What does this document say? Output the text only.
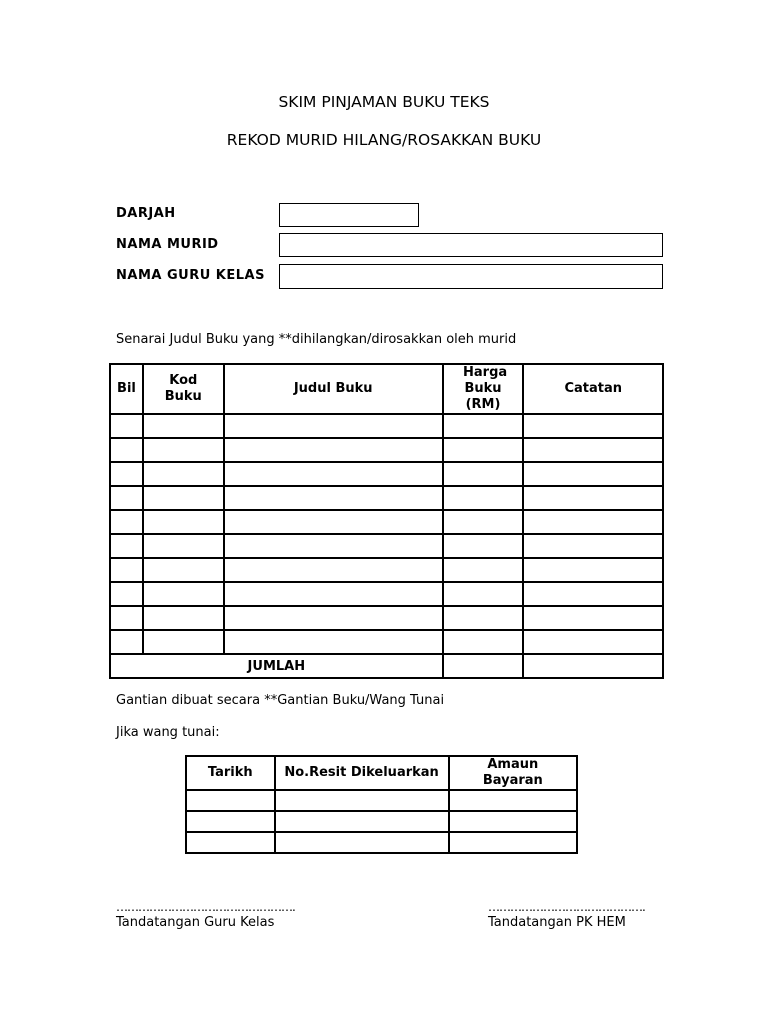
SKIM PINJAMAN BUKU TEKS
REKOD MURID HILANG/ROSAKKAN BUKU
DARJAH
NAMA MURID
NAMA GURU KELAS
Senarai Judul Buku yang **dihilangkan/dirosakkan oleh murid
Bil	Kod Buku	Judul Buku	Harga Buku (RM)	Catatan

JUMLAH				
Gantian dibuat secara **Gantian Buku/Wang Tunai
Jika wang tunai:
Tarikh	No.Resit Dikeluarkan	Amaun Bayaran

………………………………………….
Tandatangan Guru Kelas
…………………………………….
Tandatangan PK HEM
